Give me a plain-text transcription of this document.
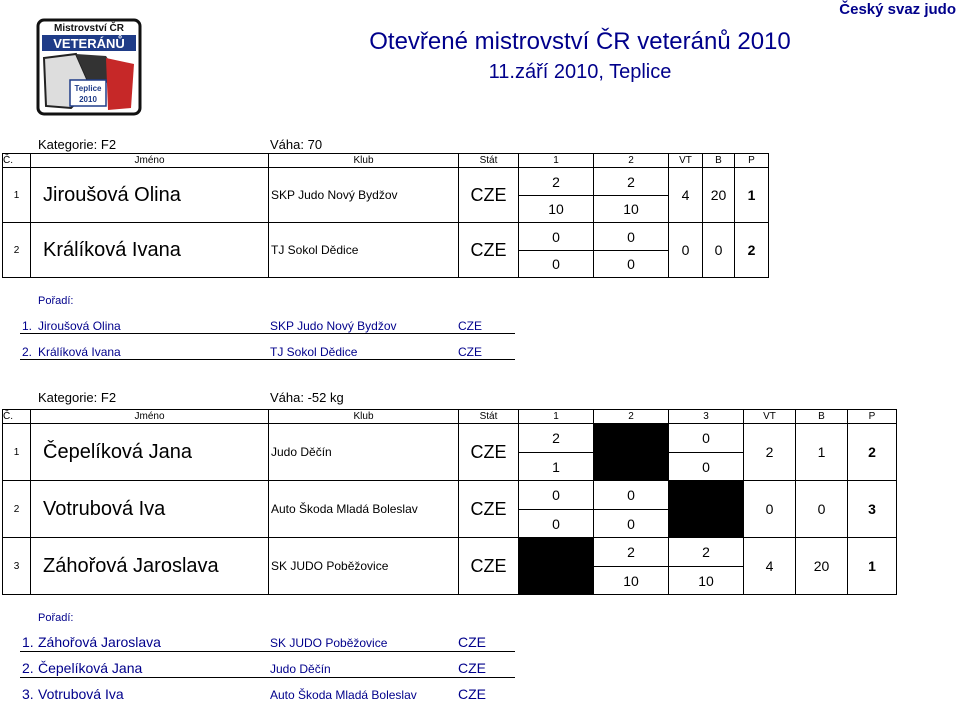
Mistrovství ČR
VETERÁNŮ
Teplice
2010
Otevřené mistrovství ČR veteránů 2010
11.září 2010, Teplice
Český svaz judo
Kategorie: F2	Váha: 70
Č.	Jméno	Klub	Stát	1	2	VT	B	P
1	Jiroušová Olina	SKP Judo Nový Bydžov	CZE	2	2	4	20	1
				10	10			
2	Králíková Ivana	TJ Sokol Dědice	CZE	0	0	0	0	2
				0	0			
Pořadí:
1. Jiroušová Olina	SKP Judo Nový Bydžov	CZE
2. Králíková Ivana	TJ Sokol Dědice	CZE
Kategorie: F2	Váha: -52 kg
Č.	Jméno	Klub	Stát	1	2	3	VT	B	P
1	Čepelíková Jana	Judo Děčín	CZE	2		0	2	1	2
				1		0			
2	Votrubová Iva	Auto Škoda Mladá Boleslav	CZE	0	0		0	0	3
				0	0				
3	Záhořová Jaroslava	SK JUDO Poběžovice	CZE		2	2	4	20	1
					10	10			
Pořadí:
1. Záhořová Jaroslava	SK JUDO Poběžovice	CZE
2. Čepelíková Jana	Judo Děčín	CZE
3. Votrubová Iva	Auto Škoda Mladá Boleslav	CZE
